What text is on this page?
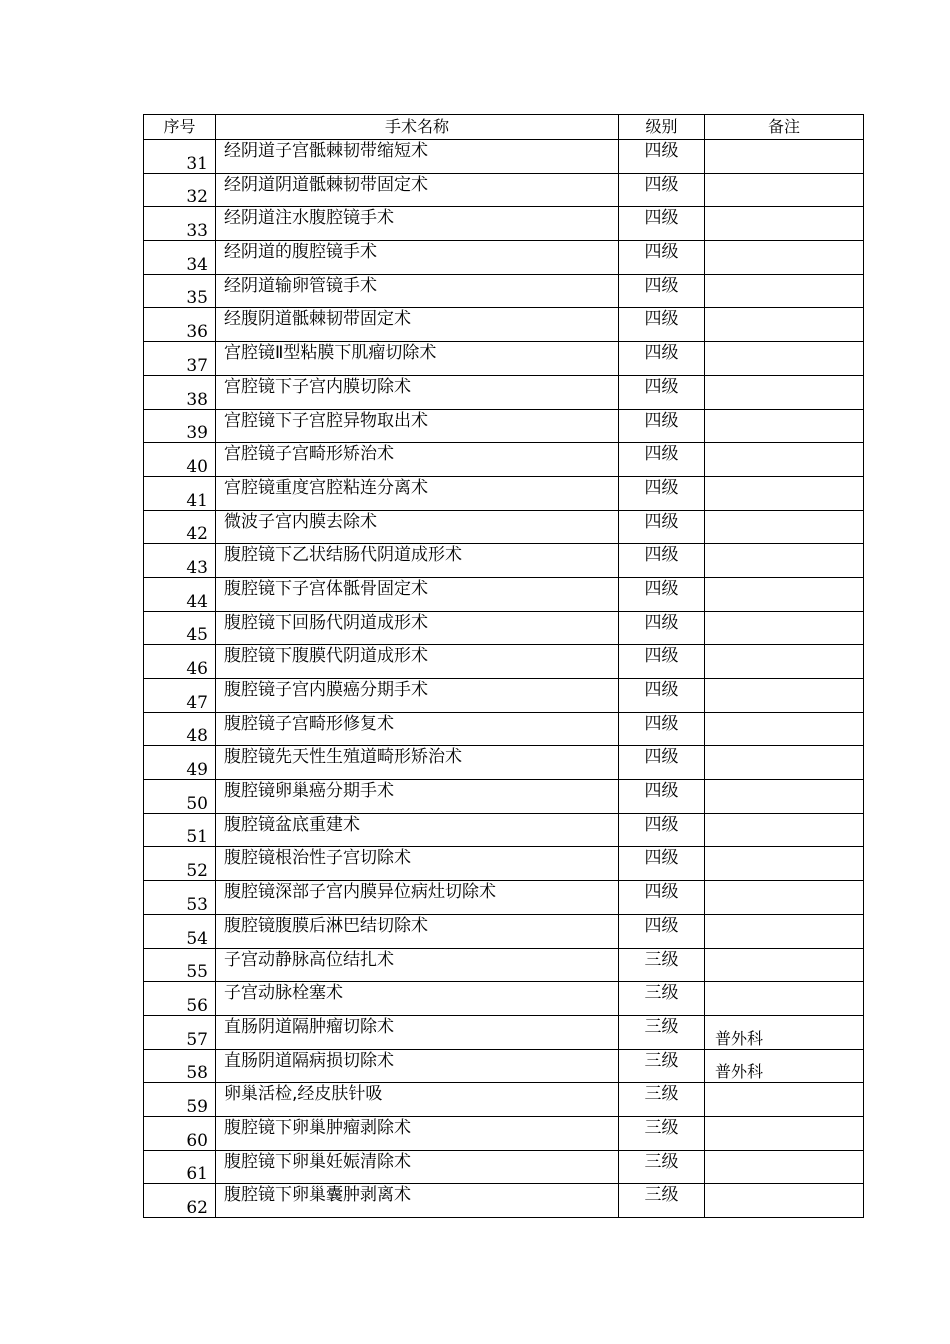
序号	手术名称	级别	备注
31	经阴道子宫骶棘韧带缩短术	四级	
32	经阴道阴道骶棘韧带固定术	四级	
33	经阴道注水腹腔镜手术	四级	
34	经阴道的腹腔镜手术	四级	
35	经阴道输卵管镜手术	四级	
36	经腹阴道骶棘韧带固定术	四级	
37	宫腔镜Ⅱ型粘膜下肌瘤切除术	四级	
38	宫腔镜下子宫内膜切除术	四级	
39	宫腔镜下子宫腔异物取出术	四级	
40	宫腔镜子宫畸形矫治术	四级	
41	宫腔镜重度宫腔粘连分离术	四级	
42	微波子宫内膜去除术	四级	
43	腹腔镜下乙状结肠代阴道成形术	四级	
44	腹腔镜下子宫体骶骨固定术	四级	
45	腹腔镜下回肠代阴道成形术	四级	
46	腹腔镜下腹膜代阴道成形术	四级	
47	腹腔镜子宫内膜癌分期手术	四级	
48	腹腔镜子宫畸形修复术	四级	
49	腹腔镜先天性生殖道畸形矫治术	四级	
50	腹腔镜卵巢癌分期手术	四级	
51	腹腔镜盆底重建术	四级	
52	腹腔镜根治性子宫切除术	四级	
53	腹腔镜深部子宫内膜异位病灶切除术	四级	
54	腹腔镜腹膜后淋巴结切除术	四级	
55	子宫动静脉高位结扎术	三级	
56	子宫动脉栓塞术	三级	
57	直肠阴道隔肿瘤切除术	三级	普外科
58	直肠阴道隔病损切除术	三级	普外科
59	卵巢活检,经皮肤针吸	三级	
60	腹腔镜下卵巢肿瘤剥除术	三级	
61	腹腔镜下卵巢妊娠清除术	三级	
62	腹腔镜下卵巢囊肿剥离术	三级	
